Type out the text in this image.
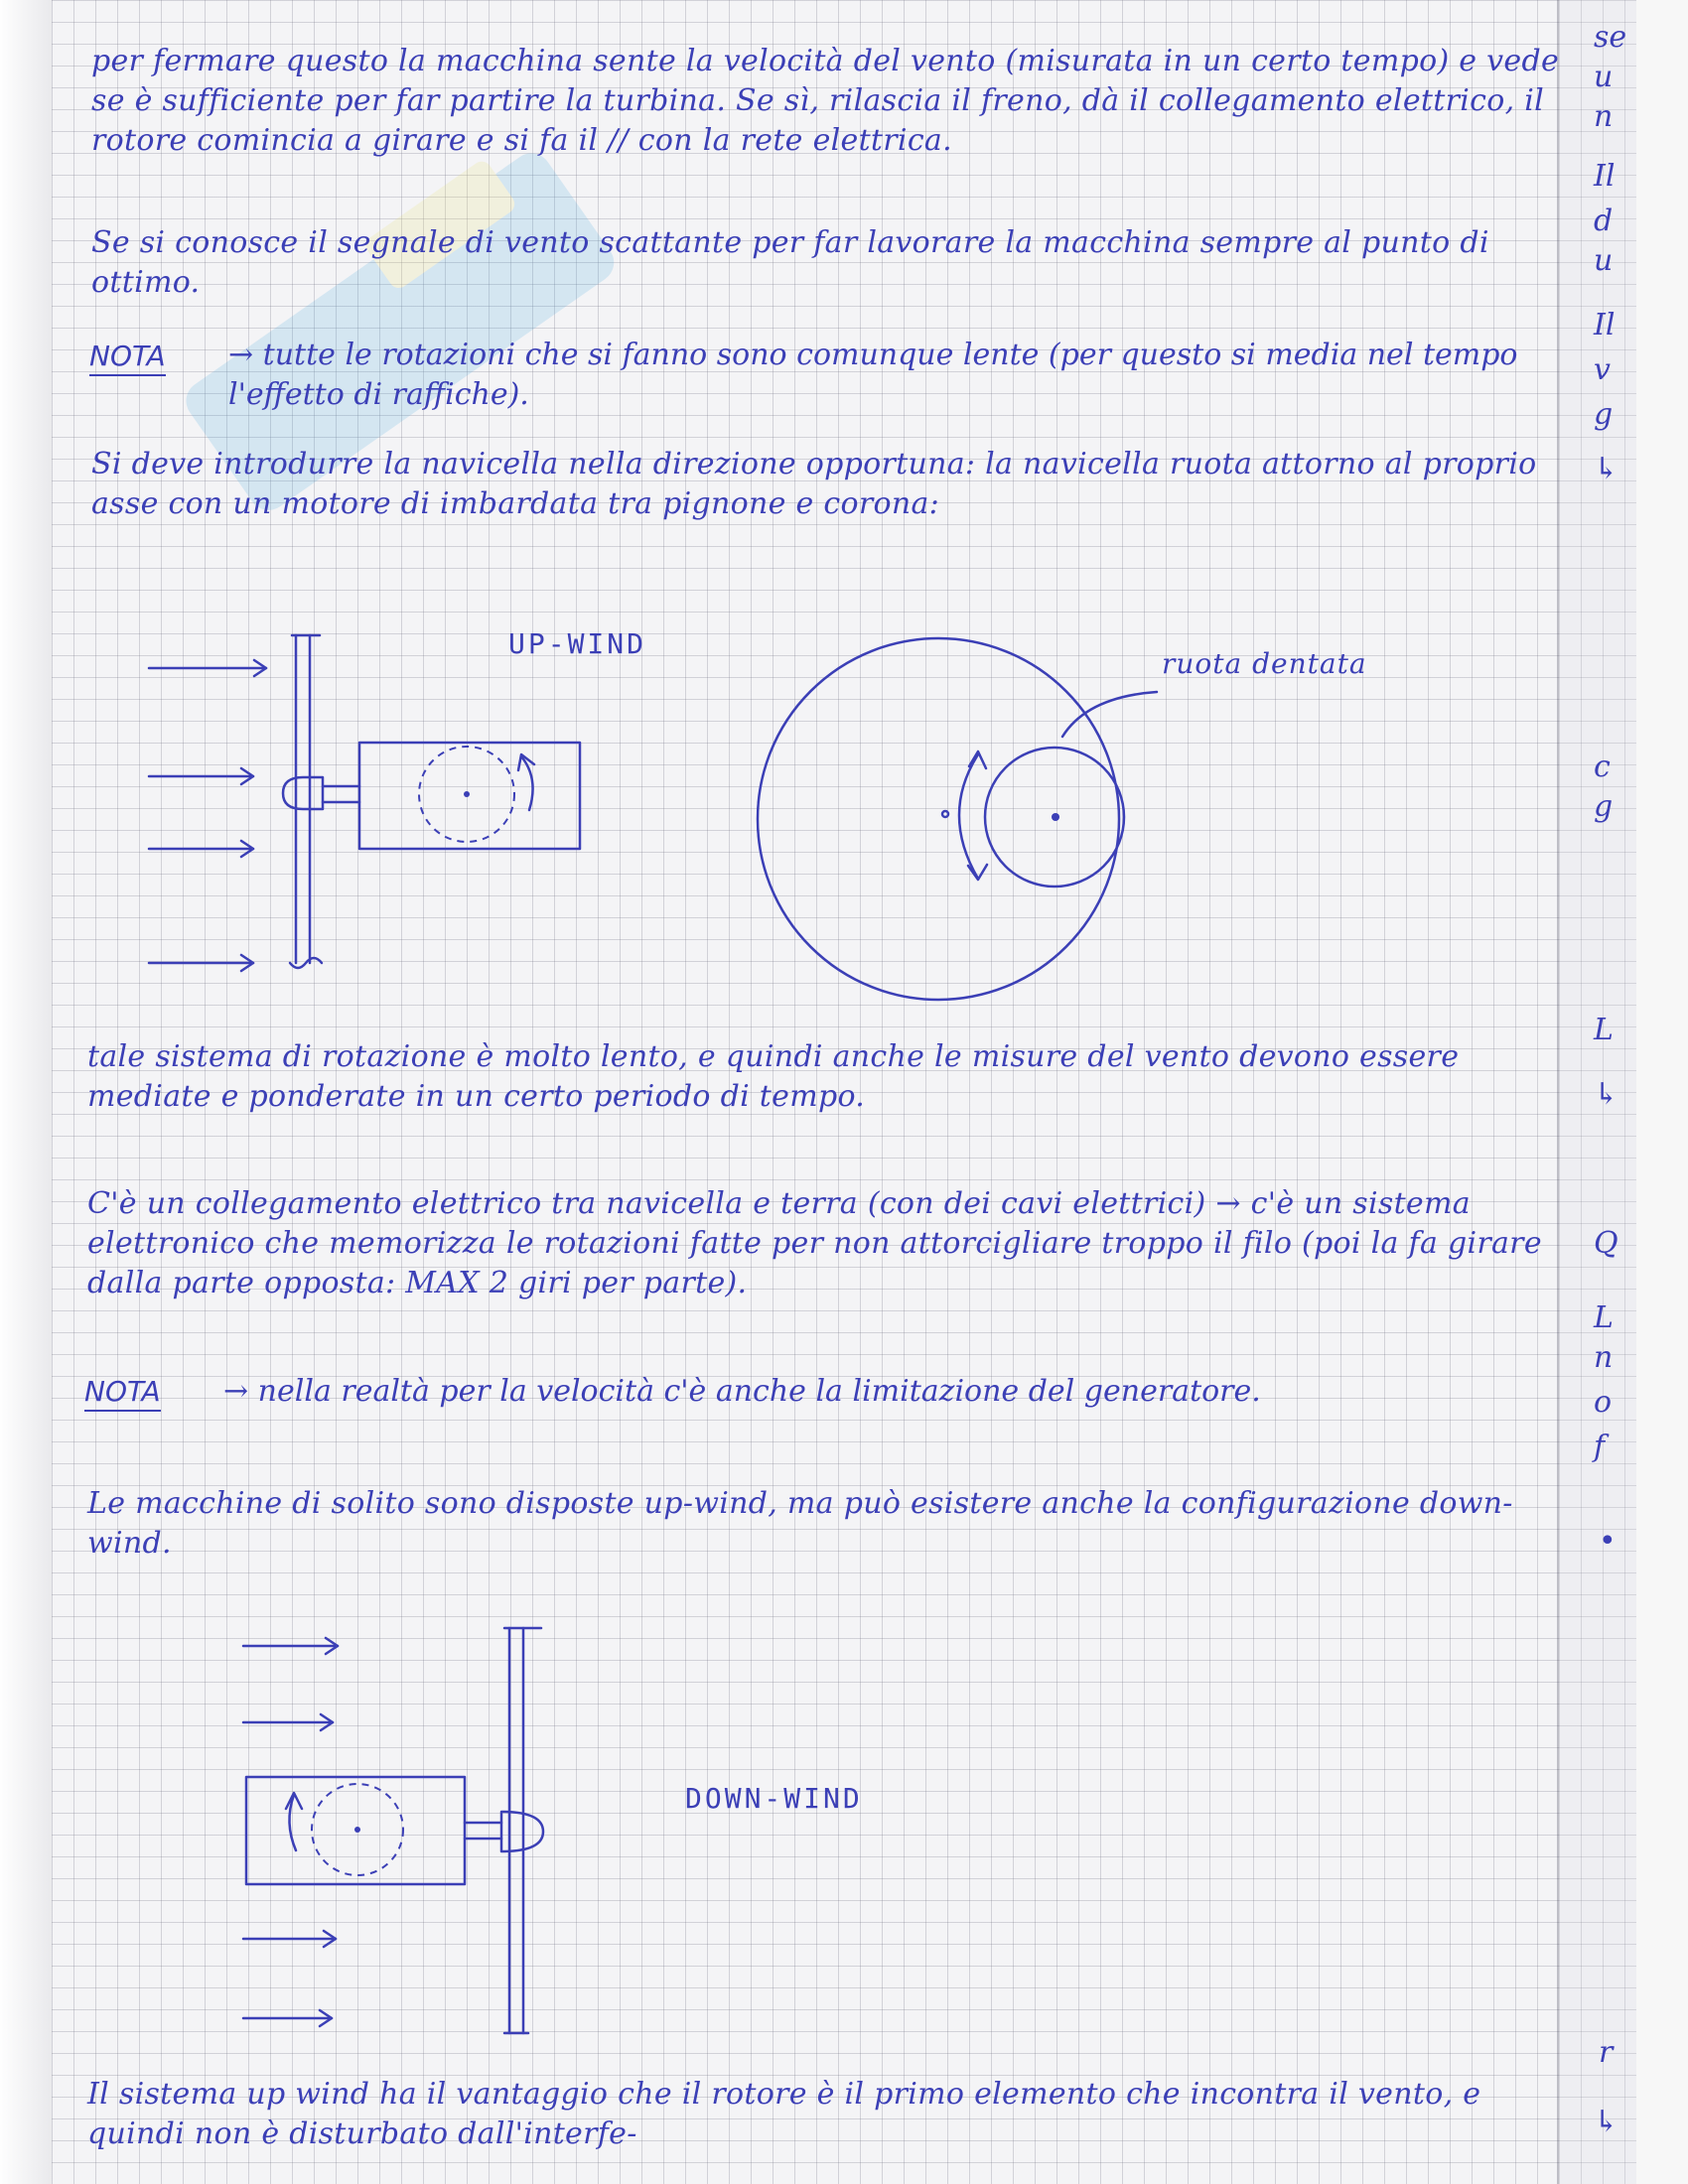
per fermare questo la macchina sente la velocità del vento (misurata in un certo tempo) e vede se è sufficiente per far partire la turbina. Se sì, rilascia il freno, dà il collegamento elettrico, il rotore comincia a girare e si fa il // con la rete elettrica.

Se si conosce il segnale di vento scattante per far lavorare la macchina sempre al punto di ottimo.

NOTA → tutte le rotazioni che si fanno sono comunque lente (per questo si media nel tempo l'effetto di raffiche).

Si deve introdurre la navicella nella direzione opportuna: la navicella ruota attorno al proprio asse con un motore di imbardata tra pignone e corona:

UP-WIND
ruota dentata

tale sistema di rotazione è molto lento, e quindi anche le misure del vento devono essere mediate e ponderate in un certo periodo di tempo.

C'è un collegamento elettrico tra navicella e terra (con dei cavi elettrici) → c'è un sistema elettronico che memorizza le rotazioni fatte per non attorcigliare troppo il filo (poi la fa girare dalla parte opposta: MAX 2 giri per parte).

NOTA → nella realtà per la velocità c'è anche la limitazione del generatore.

Le macchine di solito sono disposte up-wind, ma può esistere anche la configurazione down-wind.

DOWN-WIND

Il sistema up wind ha il vantaggio che il rotore è il primo elemento che incontra il vento, e quindi non è disturbato dall'interfe-

se
u
n
Il
d
u
Il
v
g
↳
c
g
L
↳
Q
L
n
o
f
•
r
↳
